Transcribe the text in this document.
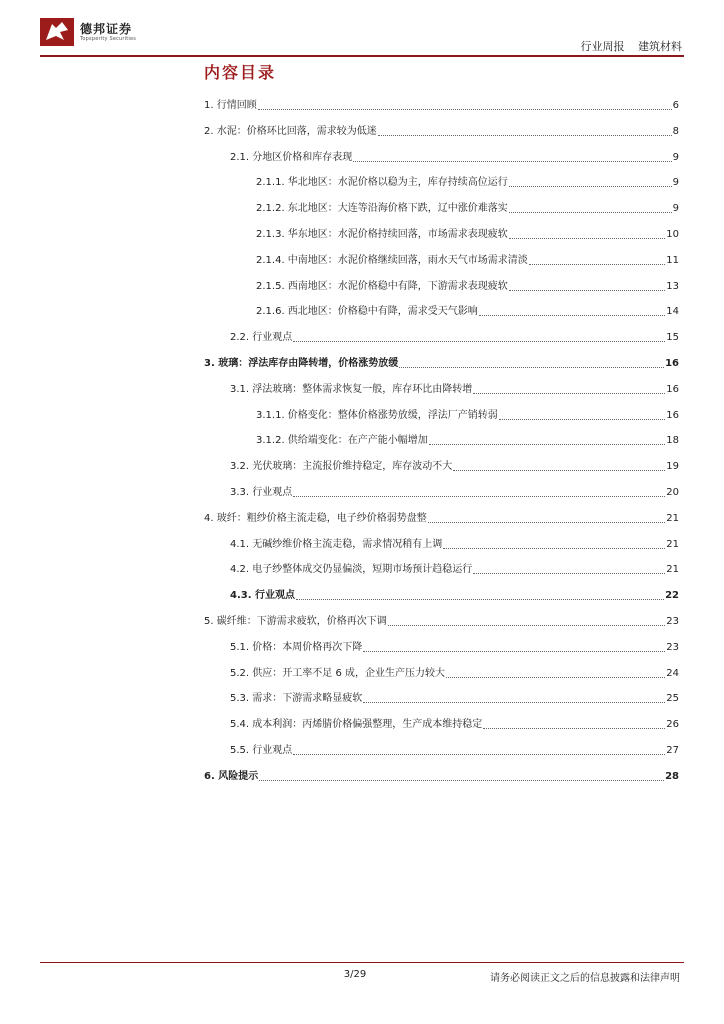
德邦证券
Topsperity Securities
行业周报 建筑材料
内容目录
1. 行情回顾	6
2. 水泥：价格环比回落，需求较为低迷	8
2.1. 分地区价格和库存表现	9
2.1.1. 华北地区：水泥价格以稳为主，库存持续高位运行	9
2.1.2. 东北地区：大连等沿海价格下跌，辽中涨价难落实	9
2.1.3. 华东地区：水泥价格持续回落，市场需求表现疲软	10
2.1.4. 中南地区：水泥价格继续回落，雨水天气市场需求清淡	11
2.1.5. 西南地区：水泥价格稳中有降，下游需求表现疲软	13
2.1.6. 西北地区：价格稳中有降，需求受天气影响	14
2.2. 行业观点	15
3. 玻璃：浮法库存由降转增，价格涨势放缓	16
3.1. 浮法玻璃：整体需求恢复一般，库存环比由降转增	16
3.1.1. 价格变化：整体价格涨势放缓，浮法厂产销转弱	16
3.1.2. 供给端变化：在产产能小幅增加	18
3.2. 光伏玻璃：主流报价维持稳定，库存波动不大	19
3.3. 行业观点	20
4. 玻纤：粗纱价格主流走稳，电子纱价格弱势盘整	21
4.1. 无碱纱维价格主流走稳，需求情况稍有上调	21
4.2. 电子纱整体成交仍显偏淡，短期市场预计趋稳运行	21
4.3. 行业观点	22
5. 碳纤维：下游需求疲软，价格再次下调	23
5.1. 价格：本周价格再次下降	23
5.2. 供应：开工率不足 6 成，企业生产压力较大	24
5.3. 需求：下游需求略显疲软	25
5.4. 成本利润：丙烯腈价格偏强整理，生产成本维持稳定	26
5.5. 行业观点	27
6. 风险提示	28
3/29	请务必阅读正文之后的信息披露和法律声明
